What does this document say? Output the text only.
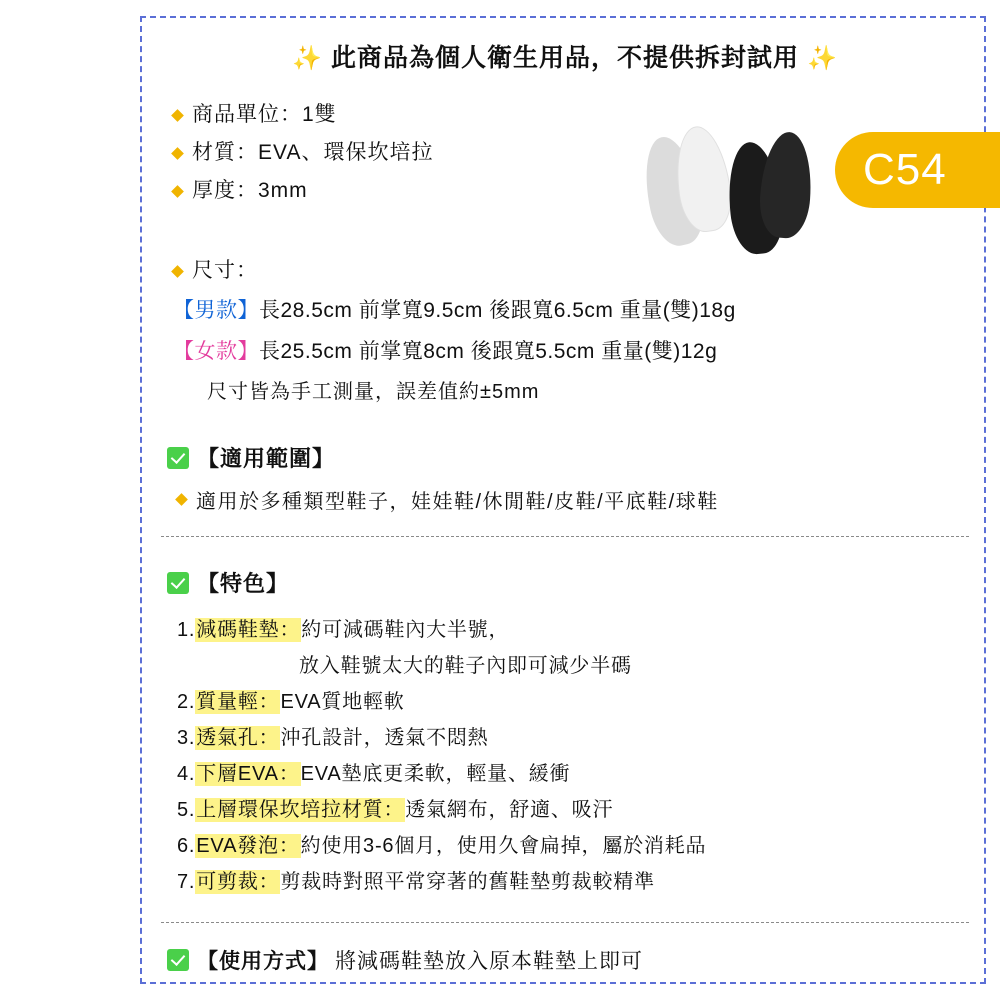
✨ 此商品為個人衛生用品，不提供拆封試用 ✨
C54
商品單位：1雙
材質：EVA、環保坎培拉
厚度：3mm
尺寸：
【男款】長28.5cm 前掌寬9.5cm 後跟寬6.5cm 重量(雙)18g
【女款】長25.5cm 前掌寬8cm 後跟寬5.5cm 重量(雙)12g
尺寸皆為手工測量，誤差值約±5mm
【適用範圍】
適用於多種類型鞋子，娃娃鞋/休閒鞋/皮鞋/平底鞋/球鞋
【特色】
1.減碼鞋墊：約可減碼鞋內大半號，
放入鞋號太大的鞋子內即可減少半碼
2.質量輕：EVA質地輕軟
3.透氣孔：沖孔設計，透氣不悶熱
4.下層EVA：EVA墊底更柔軟，輕量、緩衝
5.上層環保坎培拉材質：透氣網布，舒適、吸汗
6.EVA發泡：約使用3-6個月，使用久會扁掉，屬於消耗品
7.可剪裁：剪裁時對照平常穿著的舊鞋墊剪裁較精準
【使用方式】 將減碼鞋墊放入原本鞋墊上即可
